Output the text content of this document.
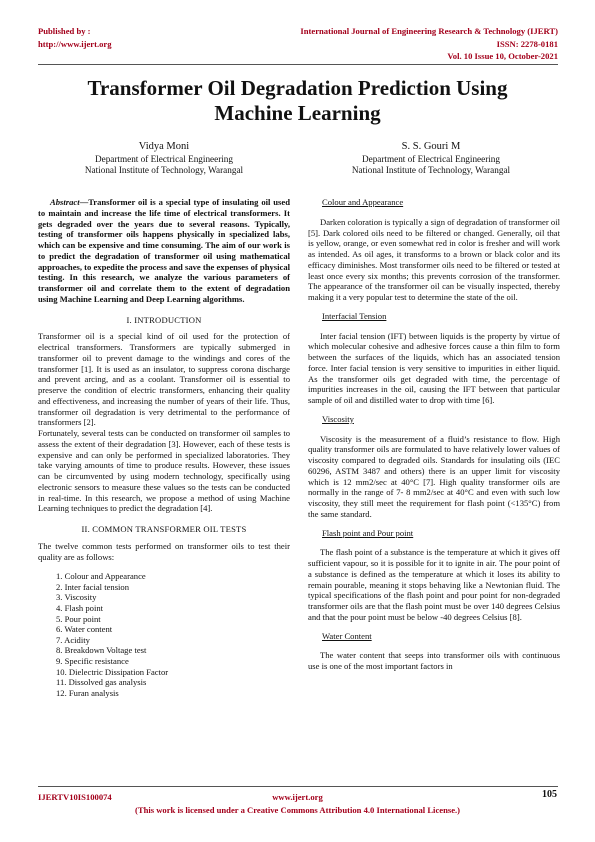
Published by :
http://www.ijert.org
International Journal of Engineering Research & Technology (IJERT)
ISSN: 2278-0181
Vol. 10 Issue 10, October-2021
Transformer Oil Degradation Prediction Using
Machine Learning
Vidya Moni
Department of Electrical Engineering
National Institute of Technology, Warangal
S. S. Gouri M
Department of Electrical Engineering
National Institute of Technology, Warangal

Abstract—Transformer oil is a special type of insulating oil used to maintain and increase the life time of electrical transformers. It gets degraded over the years due to several reasons. Typically, testing of transformer oils happens physically in specialized labs, which can be expensive and time consuming. The aim of our work is to predict the degradation of transformer oil using mathematical approaches, to expedite the process and save the expenses of physical testing. In this research, we analyze the various parameters of transformer oil and correlate them to the extent of degradation using Machine Learning and Deep Learning algorithms.

I. INTRODUCTION

Transformer oil is a special kind of oil used for the protection of electrical transformers. Transformers are typically submerged in transformer oil to prevent damage to the windings and cores of the transformer [1]. It is used as an insulator, to suppress corona discharge and prevent arcing, and as a coolant. Transformer oil is essential to preserve the condition of electric transformers, enhancing their quality and effectiveness, and increasing the number of years of their life. Thus, transformer oil degradation is very detrimental to the performance of transformers [2].

Fortunately, several tests can be conducted on transformer oil samples to assess the extent of their degradation [3]. However, each of these tests is expensive and can only be performed in specialized laboratories. They take varying amounts of time to produce results. However, these issues can be circumvented by using modern technology, specifically using electronic sensors to measure these values so the tests can be conducted in real-time. In this research, we propose a method of using Machine Learning techniques to predict the degradation [4].

II. COMMON TRANSFORMER OIL TESTS

The twelve common tests performed on transformer oils to test their quality are as follows:

1. Colour and Appearance
2. Inter facial tension
3. Viscosity
4. Flash point
5. Pour point
6. Water content
7. Acidity
8. Breakdown Voltage test
9. Specific resistance
10. Dielectric Dissipation Factor
11. Dissolved gas analysis
12. Furan analysis
Colour and Appearance

Darken coloration is typically a sign of degradation of transformer oil [5]. Dark colored oils need to be filtered or changed. Generally, oil that is yellow, orange, or even somewhat red in color is fresher and will work as intended. As oil ages, it transforms to a brown or black color and its efficacy diminishes. Most transformer oils need to be filtered or tested at least once every six months; this prevents corrosion of the transformer. The appearance of the transformer oil can be visually inspected, thereby making it a very popular test to determine the state of the oil.

Interfacial Tension

Inter facial tension (IFT) between liquids is the property by virtue of which molecular cohesive and adhesive forces cause a thin film to form between the surfaces of the liquids, which has an associated tension force. Inter facial tension is very sensitive to impurities in either liquid. As the transformer oils get degraded with time, the percentage of impurities increases in the oil, causing the IFT between that particular sample of oil and distilled water to drop with time [6].

Viscosity

Viscosity is the measurement of a fluid’s resistance to flow. High quality transformer oils are formulated to have relatively lower values of viscosity compared to degraded oils. Standards for insulating oils (IEC 60296, ASTM 3487 and others) there is an upper limit for viscosity which is 12 mm2/sec at 40°C [7]. High quality transformer oils are normally in the range of 7- 8 mm2/sec at 40°C and even with such low viscosity, they still meet the requirement for flash point (<135°C) from the same standard.

Flash point and Pour point

The flash point of a substance is the temperature at which it gives off sufficient vapour, so it is possible for it to ignite in air. The pour point of a substance is defined as the temperature at which it loses its ability to remain pourable, meaning it stops behaving like a Newtonian fluid. The typical specifications of the flash point and pour point for non-degraded transformer oils are that the flash point must be over 140 degrees Celsius and that the pour point must be below -40 degrees Celsius [8].

Water Content

The water content that seeps into transformer oils with continuous use is one of the most important factors in

IJERTV10IS100074	www.ijert.org	105
(This work is licensed under a Creative Commons Attribution 4.0 International License.)
